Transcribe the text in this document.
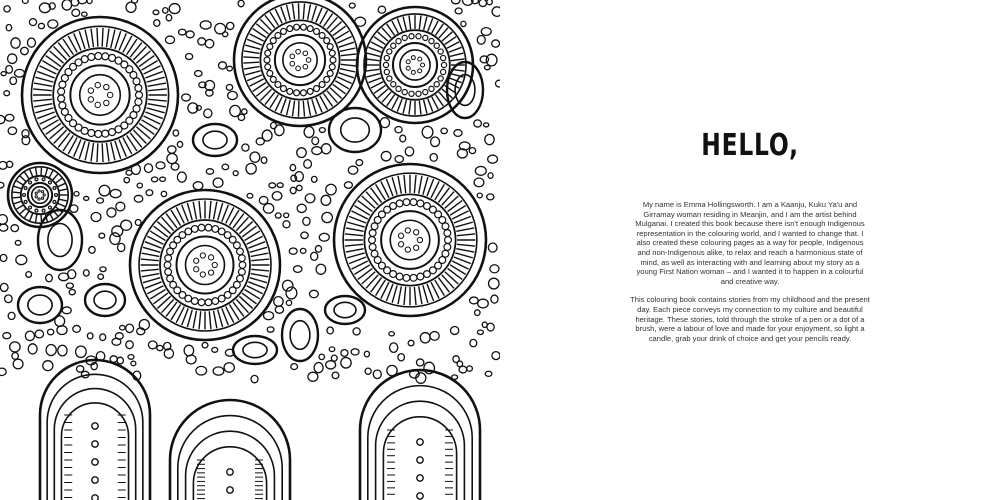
HELLO,

My name is Emma Hollingsworth. I am a Kaanju, Kuku Ya'u and Girramay woman residing in Meanjin, and I am the artist behind Mulganai. I created this book because there isn't enough Indigenous representation in the colouring world, and I wanted to change that. I also created these colouring pages as a way for people, Indigenous and non-Indigenous alike, to relax and reach a harmonious state of mind, as well as interacting with and learning about my story as a young First Nation woman – and I wanted it to happen in a colourful and creative way.

This colouring book contains stories from my childhood and the present day. Each piece conveys my connection to my culture and beautiful heritage. These stories, told through the stroke of a pen or a dot of a brush, were a labour of love and made for your enjoyment, so light a candle, grab your drink of choice and get your pencils ready.
